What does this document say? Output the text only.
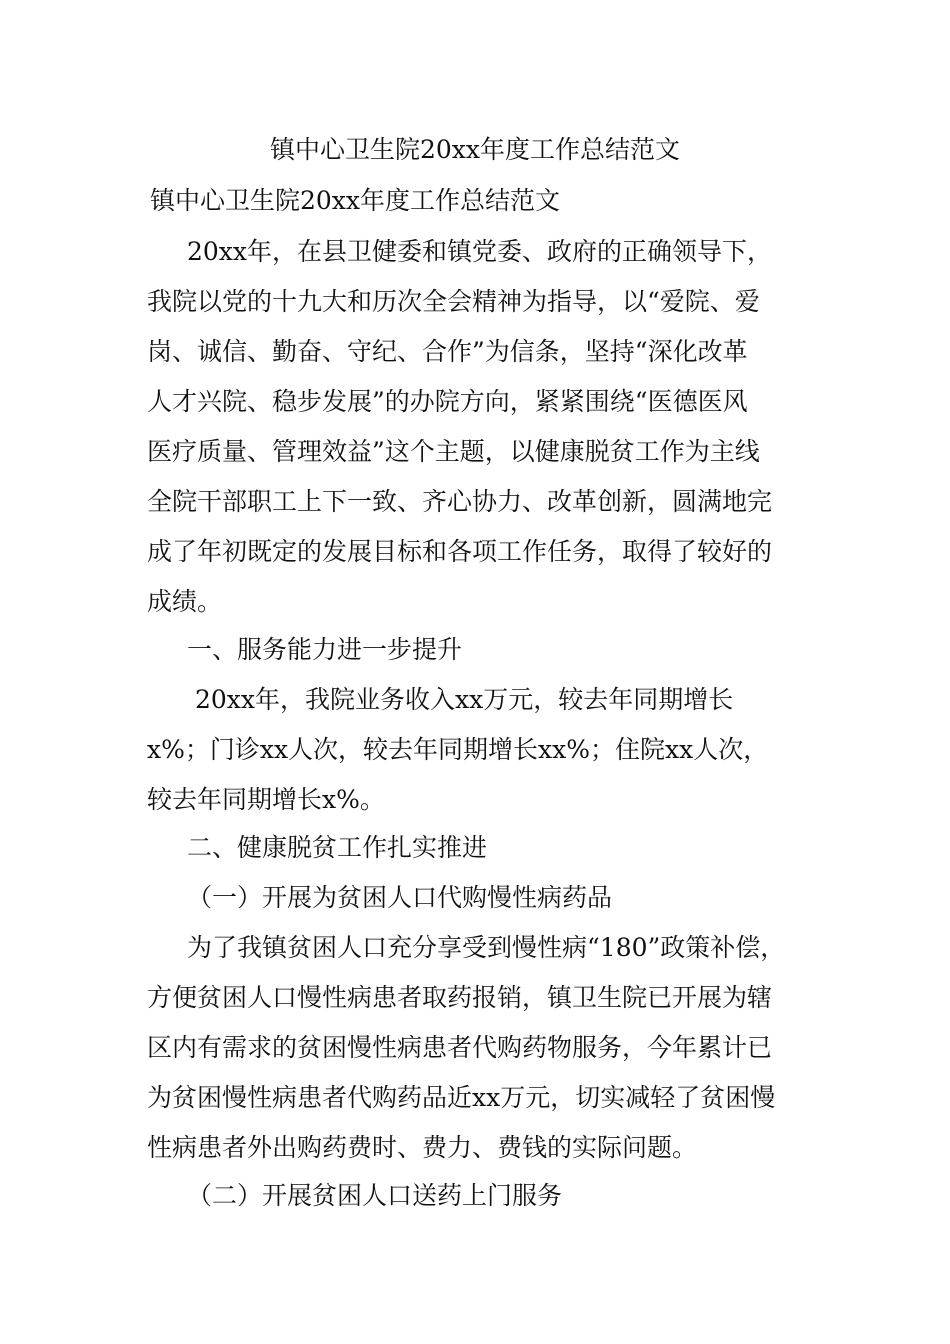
镇中心卫生院20xx年度工作总结范文
镇中心卫生院20xx年度工作总结范文
20xx年，在县卫健委和镇党委、政府的正确领导下，
我院以党的十九大和历次全会精神为指导，以“爱院、爱
岗、诚信、勤奋、守纪、合作”为信条，坚持“深化改革
人才兴院、稳步发展”的办院方向，紧紧围绕“医德医风
医疗质量、管理效益”这个主题，以健康脱贫工作为主线
全院干部职工上下一致、齐心协力、改革创新，圆满地完
成了年初既定的发展目标和各项工作任务，取得了较好的
成绩。
一、服务能力进一步提升
20xx年，我院业务收入xx万元，较去年同期增长
x%；门诊xx人次，较去年同期增长xx%；住院xx人次，
较去年同期增长x%。
二、健康脱贫工作扎实推进
（一）开展为贫困人口代购慢性病药品
为了我镇贫困人口充分享受到慢性病“180”政策补偿，
方便贫困人口慢性病患者取药报销，镇卫生院已开展为辖
区内有需求的贫困慢性病患者代购药物服务，今年累计已
为贫困慢性病患者代购药品近xx万元，切实减轻了贫困慢
性病患者外出购药费时、费力、费钱的实际问题。
（二）开展贫困人口送药上门服务
